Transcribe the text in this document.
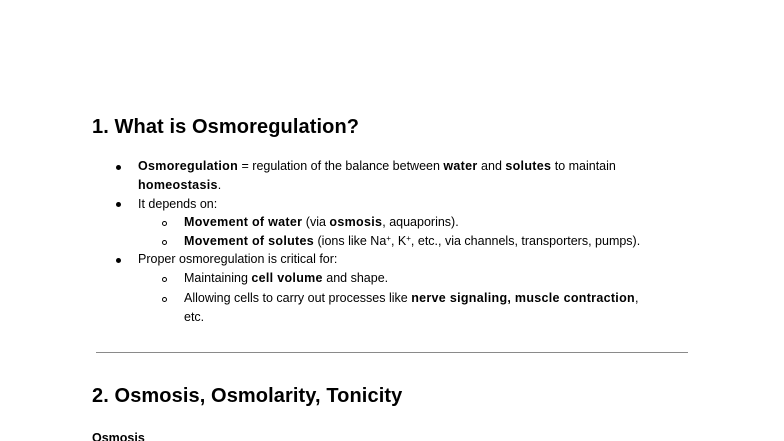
1. What is Osmoregulation?
Osmoregulation = regulation of the balance between water and solutes to maintain
homeostasis.
It depends on:
Movement of water (via osmosis, aquaporins).
Movement of solutes (ions like Na+, K+, etc., via channels, transporters, pumps).
Proper osmoregulation is critical for:
Maintaining cell volume and shape.
Allowing cells to carry out processes like nerve signaling, muscle contraction,
etc.
2. Osmosis, Osmolarity, Tonicity
Osmosis
